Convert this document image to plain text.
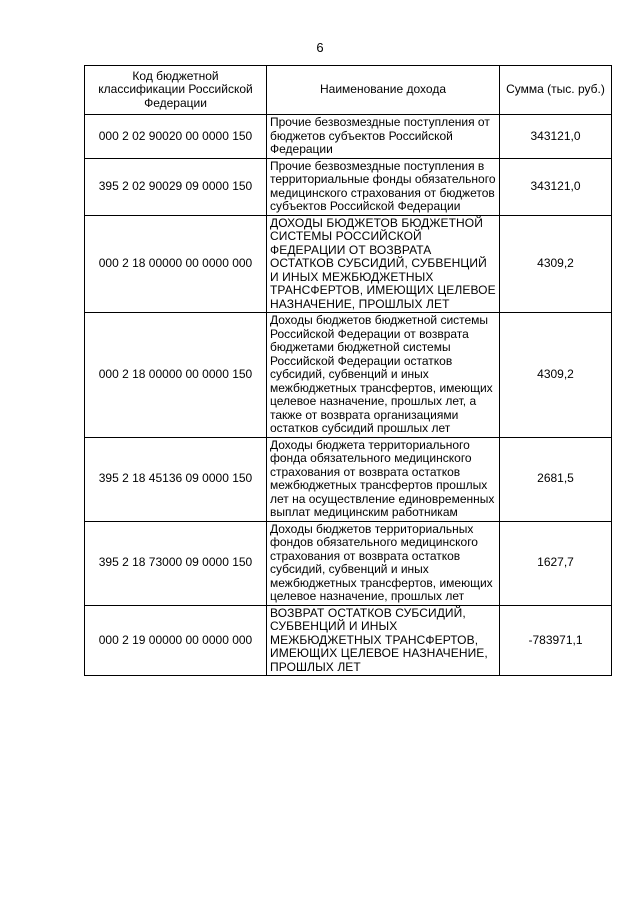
6
Код бюджетной классификации Российской Федерации	Наименование дохода	Сумма (тыс. руб.)
000 2 02 90020 00 0000 150	Прочие безвозмездные поступления от бюджетов субъектов Российской Федерации	343121,0
395 2 02 90029 09 0000 150	Прочие безвозмездные поступления в территориальные фонды обязательного медицинского страхования от бюджетов субъектов Российской Федерации	343121,0
000 2 18 00000 00 0000 000	ДОХОДЫ БЮДЖЕТОВ БЮДЖЕТНОЙ СИСТЕМЫ РОССИЙСКОЙ ФЕДЕРАЦИИ ОТ ВОЗВРАТА ОСТАТКОВ СУБСИДИЙ, СУБВЕНЦИЙ И ИНЫХ МЕЖБЮДЖЕТНЫХ ТРАНСФЕРТОВ, ИМЕЮЩИХ ЦЕЛЕВОЕ НАЗНАЧЕНИЕ, ПРОШЛЫХ ЛЕТ	4309,2
000 2 18 00000 00 0000 150	Доходы бюджетов бюджетной системы Российской Федерации от возврата бюджетами бюджетной системы Российской Федерации остатков субсидий, субвенций и иных межбюджетных трансфертов, имеющих целевое назначение, прошлых лет, а также от возврата организациями остатков субсидий прошлых лет	4309,2
395 2 18 45136 09 0000 150	Доходы бюджета территориального фонда обязательного медицинского страхования от возврата остатков межбюджетных трансфертов прошлых лет на осуществление единовременных выплат медицинским работникам	2681,5
395 2 18 73000 09 0000 150	Доходы бюджетов территориальных фондов обязательного медицинского страхования от возврата остатков субсидий, субвенций и иных межбюджетных трансфертов, имеющих целевое назначение, прошлых лет	1627,7
000 2 19 00000 00 0000 000	ВОЗВРАТ ОСТАТКОВ СУБСИДИЙ, СУБВЕНЦИЙ И ИНЫХ МЕЖБЮДЖЕТНЫХ ТРАНСФЕРТОВ, ИМЕЮЩИХ ЦЕЛЕВОЕ НАЗНАЧЕНИЕ, ПРОШЛЫХ ЛЕТ	-783971,1
